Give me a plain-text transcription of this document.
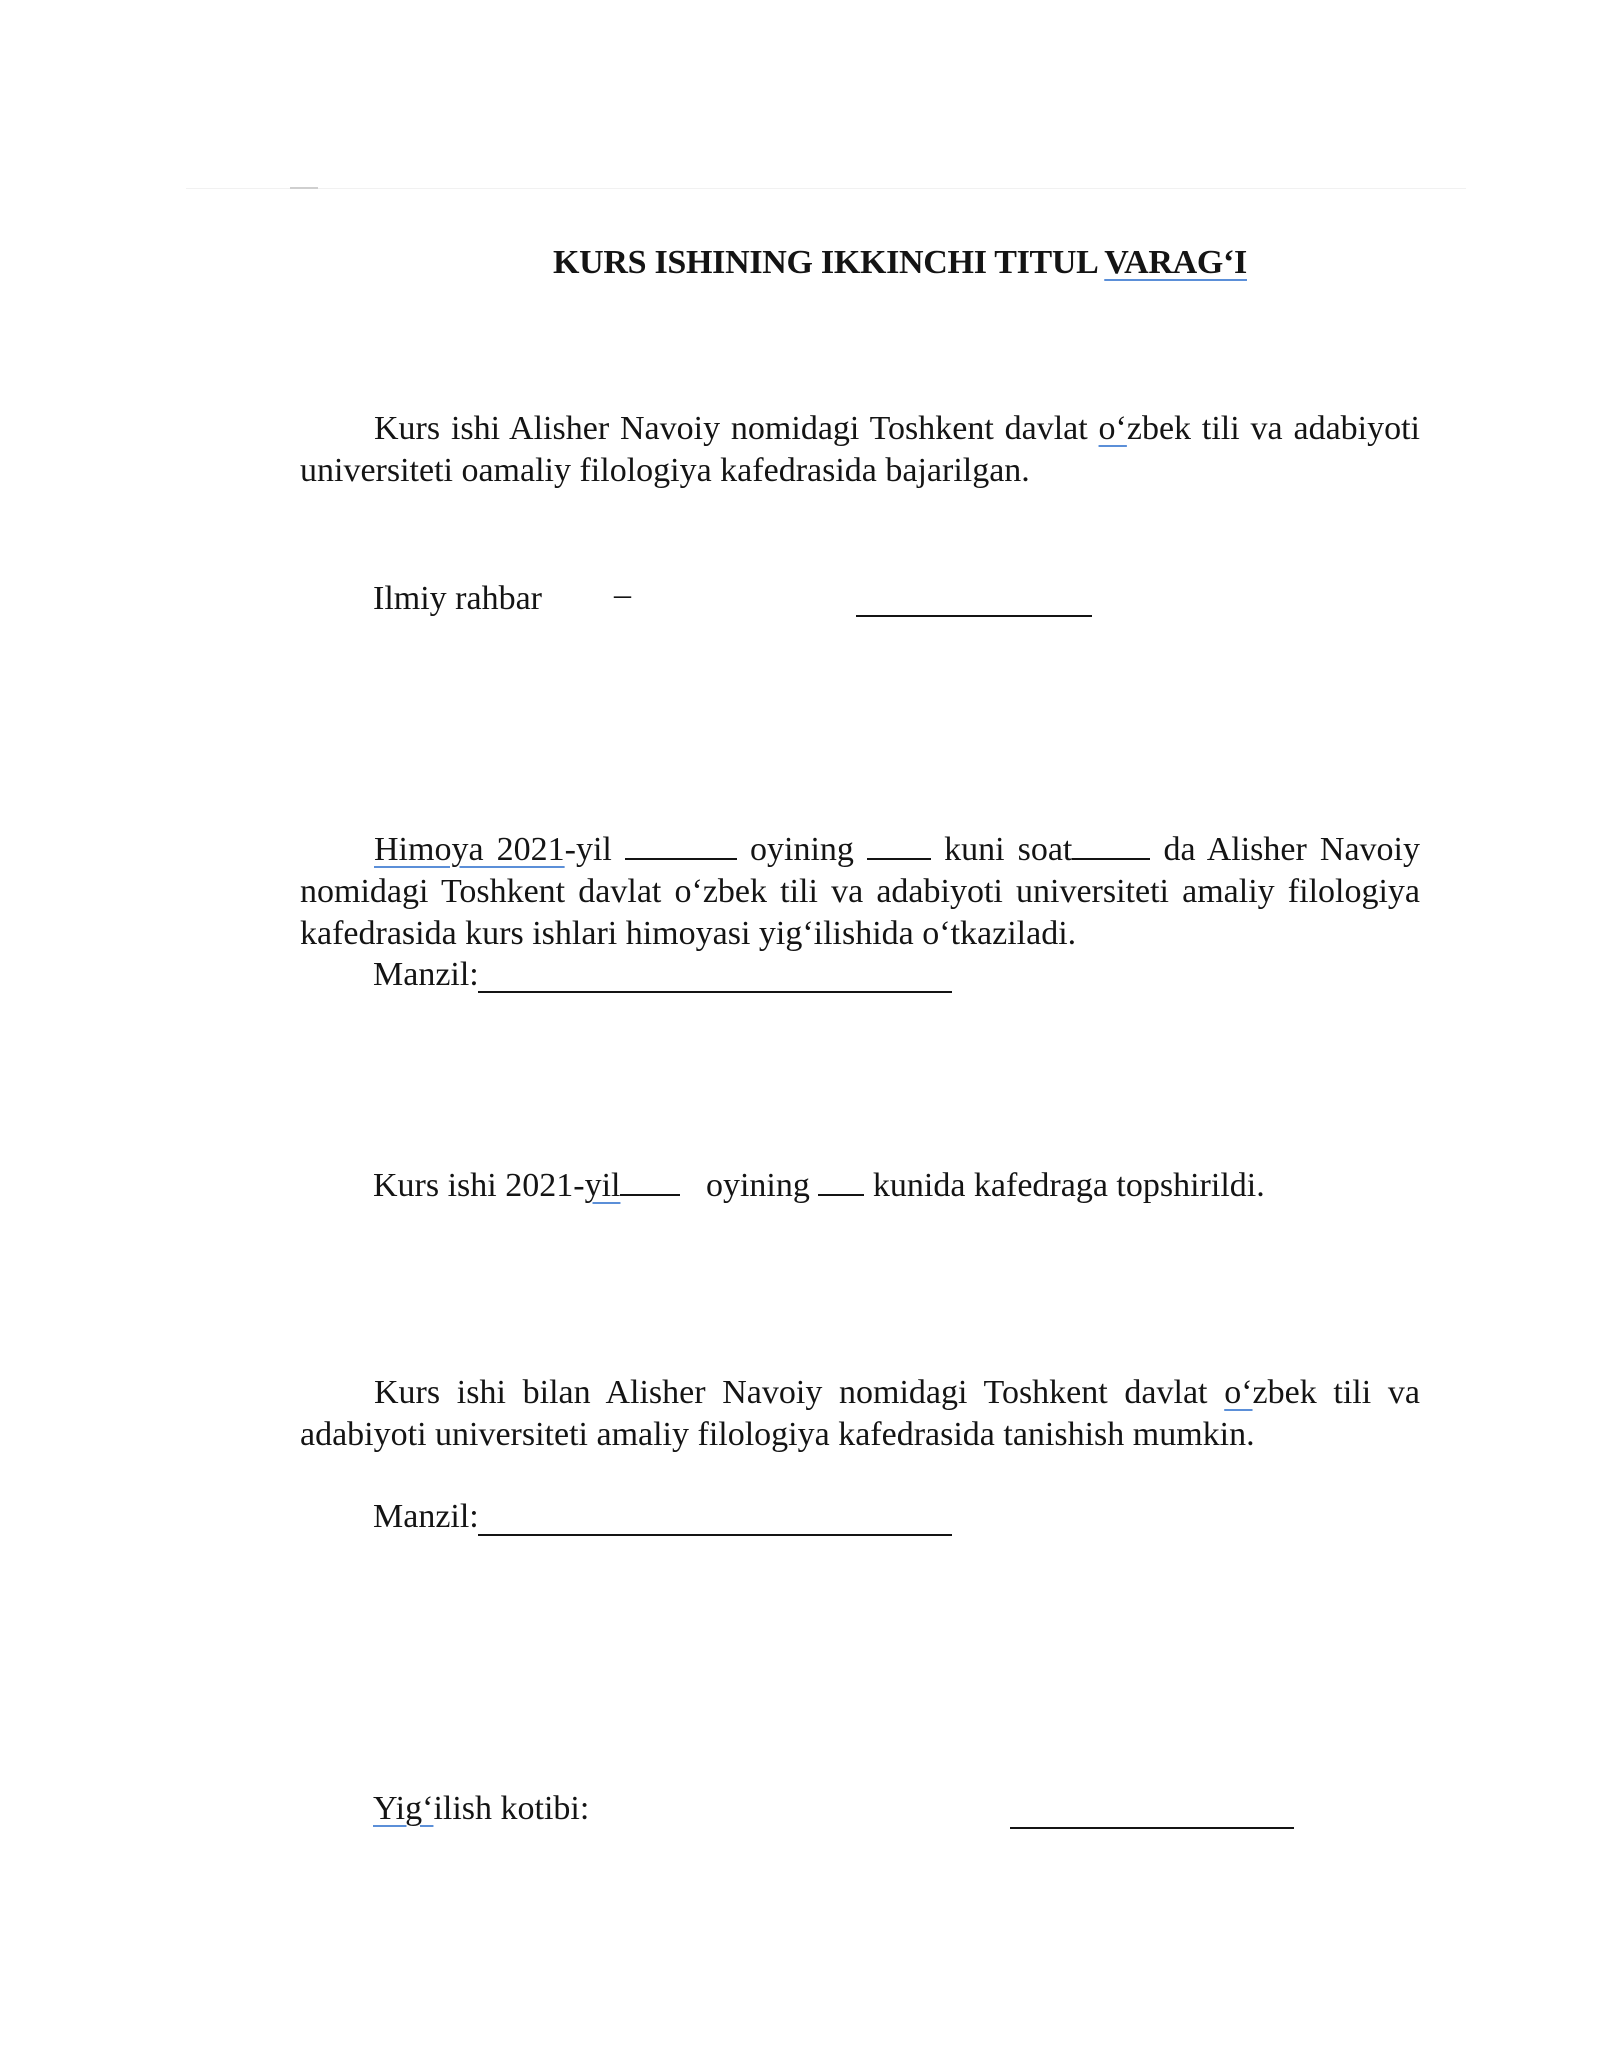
KURS ISHINING IKKINCHI TITUL VARAG‘I
Kurs ishi Alisher Navoiy nomidagi Toshkent davlat o‘zbek tili va adabiyoti universiteti oamaliy filologiya kafedrasida bajarilgan.
Ilmiy rahbar –
Himoya 2021-yil	oyining  kuni soat da Alisher Navoiy nomidagi Toshkent davlat o‘zbek tili va adabiyoti universiteti amaliy filologiya kafedrasida kurs ishlari himoyasi yig‘ilishida o‘tkaziladi.
Manzil:
Kurs ishi 2021-yil   oyining  kunida kafedraga topshirildi.
Kurs ishi bilan Alisher Navoiy nomidagi Toshkent davlat o‘zbek tili va adabiyoti universiteti amaliy filologiya kafedrasida tanishish mumkin.
Manzil:
Yig‘ilish kotibi:
